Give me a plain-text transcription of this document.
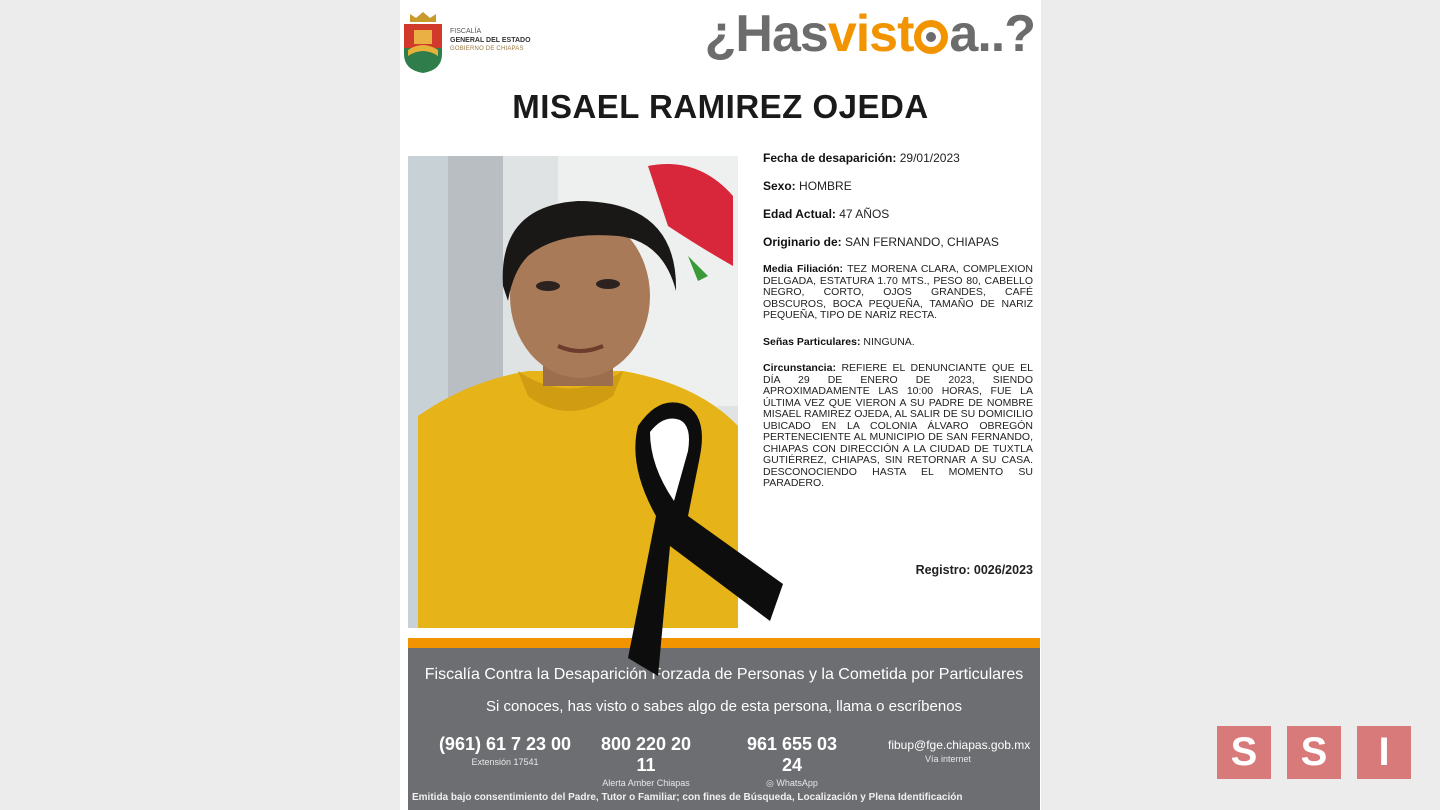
FISCALÍA
GENERAL DEL ESTADO
GOBIERNO DE CHIAPAS	¿Hasvist a..?
MISAEL RAMIREZ OJEDA
Fecha de desaparición: 29/01/2023
Sexo: HOMBRE
Edad Actual: 47 AÑOS
Originario de: SAN FERNANDO, CHIAPAS
Media Filiación: TEZ MORENA CLARA, COMPLEXION DELGADA, ESTATURA 1.70 MTS., PESO 80, CABELLO NEGRO, CORTO, OJOS GRANDES, CAFÉ OBSCUROS, BOCA PEQUEÑA, TAMAÑO DE NARIZ PEQUEÑA, TIPO DE NARIZ RECTA.
Señas Particulares: NINGUNA.
Circunstancia: REFIERE EL DENUNCIANTE QUE EL DÍA 29 DE ENERO DE 2023, SIENDO APROXIMADAMENTE LAS 10:00 HORAS, FUE LA ÚLTIMA VEZ QUE VIERON A SU PADRE DE NOMBRE MISAEL RAMIREZ OJEDA, AL SALIR DE SU DOMICILIO UBICADO EN LA COLONIA ÁLVARO OBREGÓN PERTENECIENTE AL MUNICIPIO DE SAN FERNANDO, CHIAPAS CON DIRECCIÓN A LA CIUDAD DE TUXTLA GUTIÉRREZ, CHIAPAS, SIN RETORNAR A SU CASA. DESCONOCIENDO HASTA EL MOMENTO SU PARADERO.
Registro: 0026/2023
Fiscalía Contra la Desaparición Forzada de Personas y la Cometida por Particulares
Si conoces, has visto o sabes algo de esta persona, llama o escríbenos
(961) 61 7 23 00
Extensión 17541
800 220 20 11
Alerta Amber Chiapas
961 655 03 24
◎ WhatsApp
fibup@fge.chiapas.gob.mx
Vía internet
Emitida bajo consentimiento del Padre, Tutor o Familiar; con fines de Búsqueda, Localización y Plena Identificación
S	S	I
